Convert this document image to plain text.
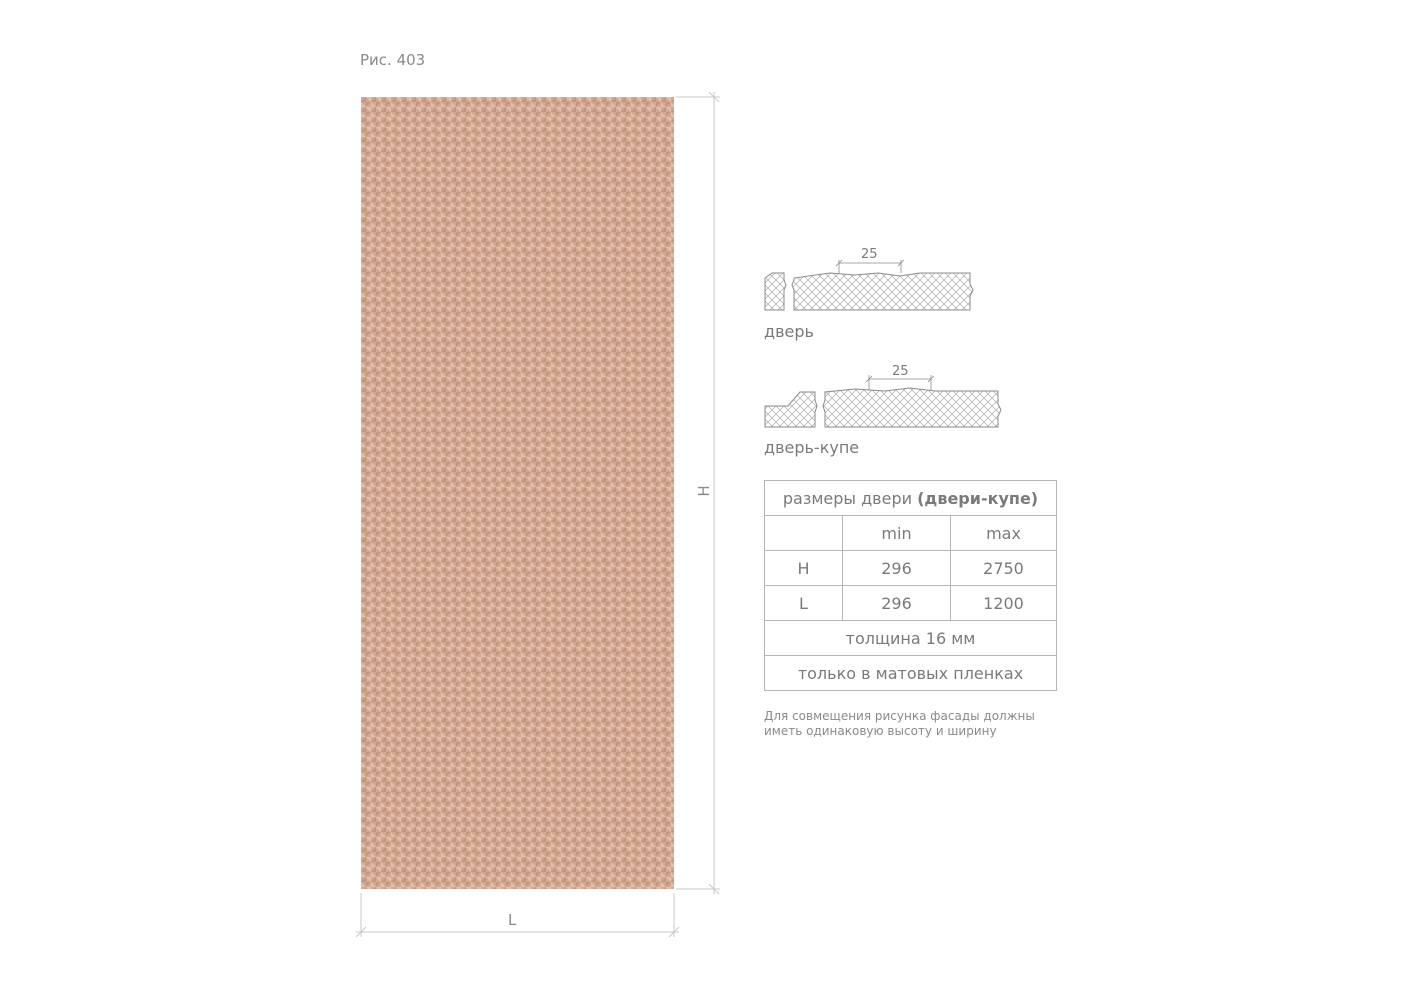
Рис. 403
L
H
25
дверь
25
дверь-купе
размеры двери (двери-купе)		
	min	max
H	296	2750
L	296	1200
толщина 16 мм		
только в матовых пленках		
Для совмещения рисунка фасады должны иметь одинаковую высоту и ширину
